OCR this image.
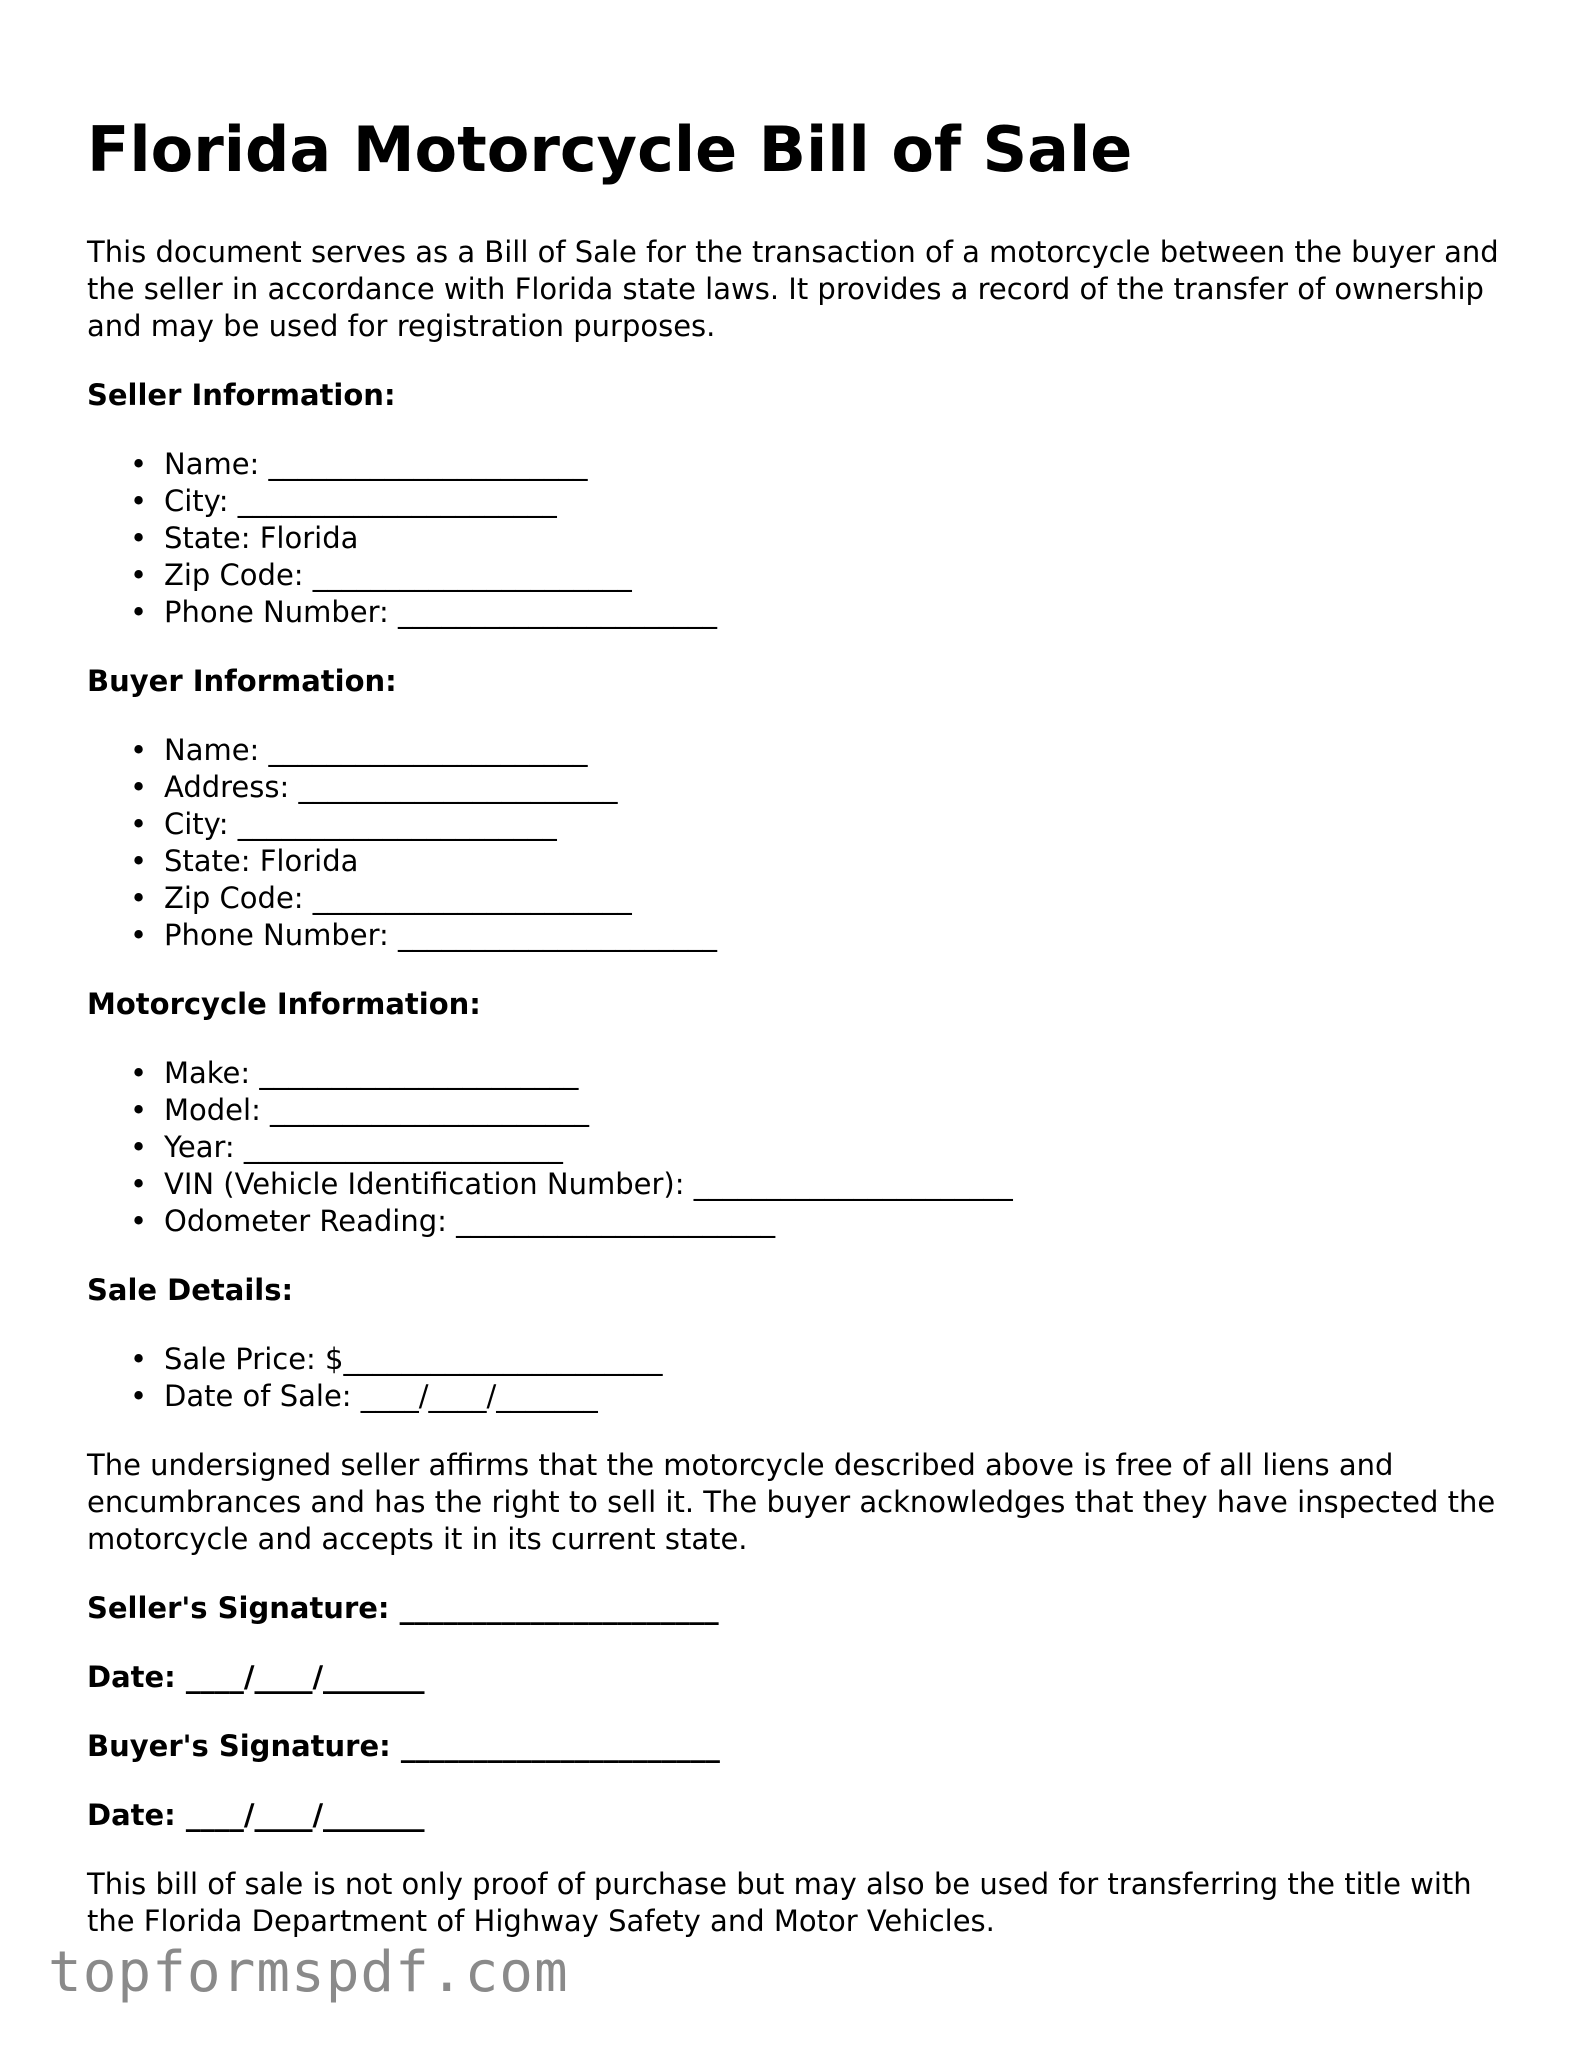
Florida Motorcycle Bill of Sale

This document serves as a Bill of Sale for the transaction of a motorcycle between the buyer and the seller in accordance with Florida state laws. It provides a record of the transfer of ownership and may be used for registration purposes.

Seller Information:
• Name: ______________________
• City: ______________________
• State: Florida
• Zip Code: ______________________
• Phone Number: ______________________
Buyer Information:
• Name: ______________________
• Address: ______________________
• City: ______________________
• State: Florida
• Zip Code: ______________________
• Phone Number: ______________________
Motorcycle Information:
• Make: ______________________
• Model: ______________________
• Year: ______________________
• VIN (Vehicle Identification Number): ______________________
• Odometer Reading: ______________________
Sale Details:
• Sale Price: $______________________
• Date of Sale: ____/____/_______

The undersigned seller affirms that the motorcycle described above is free of all liens and encumbrances and has the right to sell it. The buyer acknowledges that they have inspected the motorcycle and accepts it in its current state.

Seller's Signature: ______________________
Date: ____/____/_______
Buyer's Signature: ______________________
Date: ____/____/_______

This bill of sale is not only proof of purchase but may also be used for transferring the title with the Florida Department of Highway Safety and Motor Vehicles.

topformspdf.com
